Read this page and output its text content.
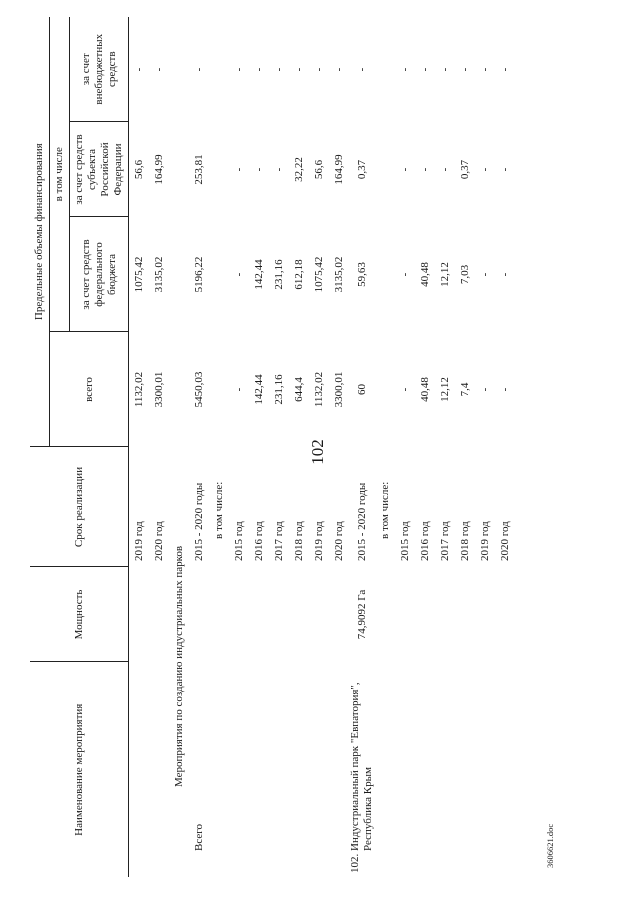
102
Наименование мероприятия	Мощность	Срок реализации	Предельные объемы финансирования			
			всего	в том числе		
				за счет средств федерального бюджета	за счет средств субъекта Российской Федерации	за счет внебюджетных средств
		2019 год	1132,02	1075,42	56,6	-
		2020 год	3300,01	3135,02	164,99	-
Мероприятия по созданию индустриальных парков						
Всего		2015 - 2020 годы	5450,03	5196,22	253,81	-
		в том числе:				
		2015 год	-	-	-	-
		2016 год	142,44	142,44	-	-
		2017 год	231,16	231,16	-	-
		2018 год	644,4	612,18	32,22	-
		2019 год	1132,02	1075,42	56,6	-
		2020 год	3300,01	3135,02	164,99	-
102.Индустриальный парк "Евпатория", Республика Крым	74,9092 Га	2015 - 2020 годы	60	59,63	0,37	-
		в том числе:				
		2015 год	-	-	-	-
		2016 год	40,48	40,48	-	-
		2017 год	12,12	12,12	-	-
		2018 год	7,4	7,03	0,37	-
		2019 год	-	-	-	-
		2020 год	-	-	-	-
3606621.doc
